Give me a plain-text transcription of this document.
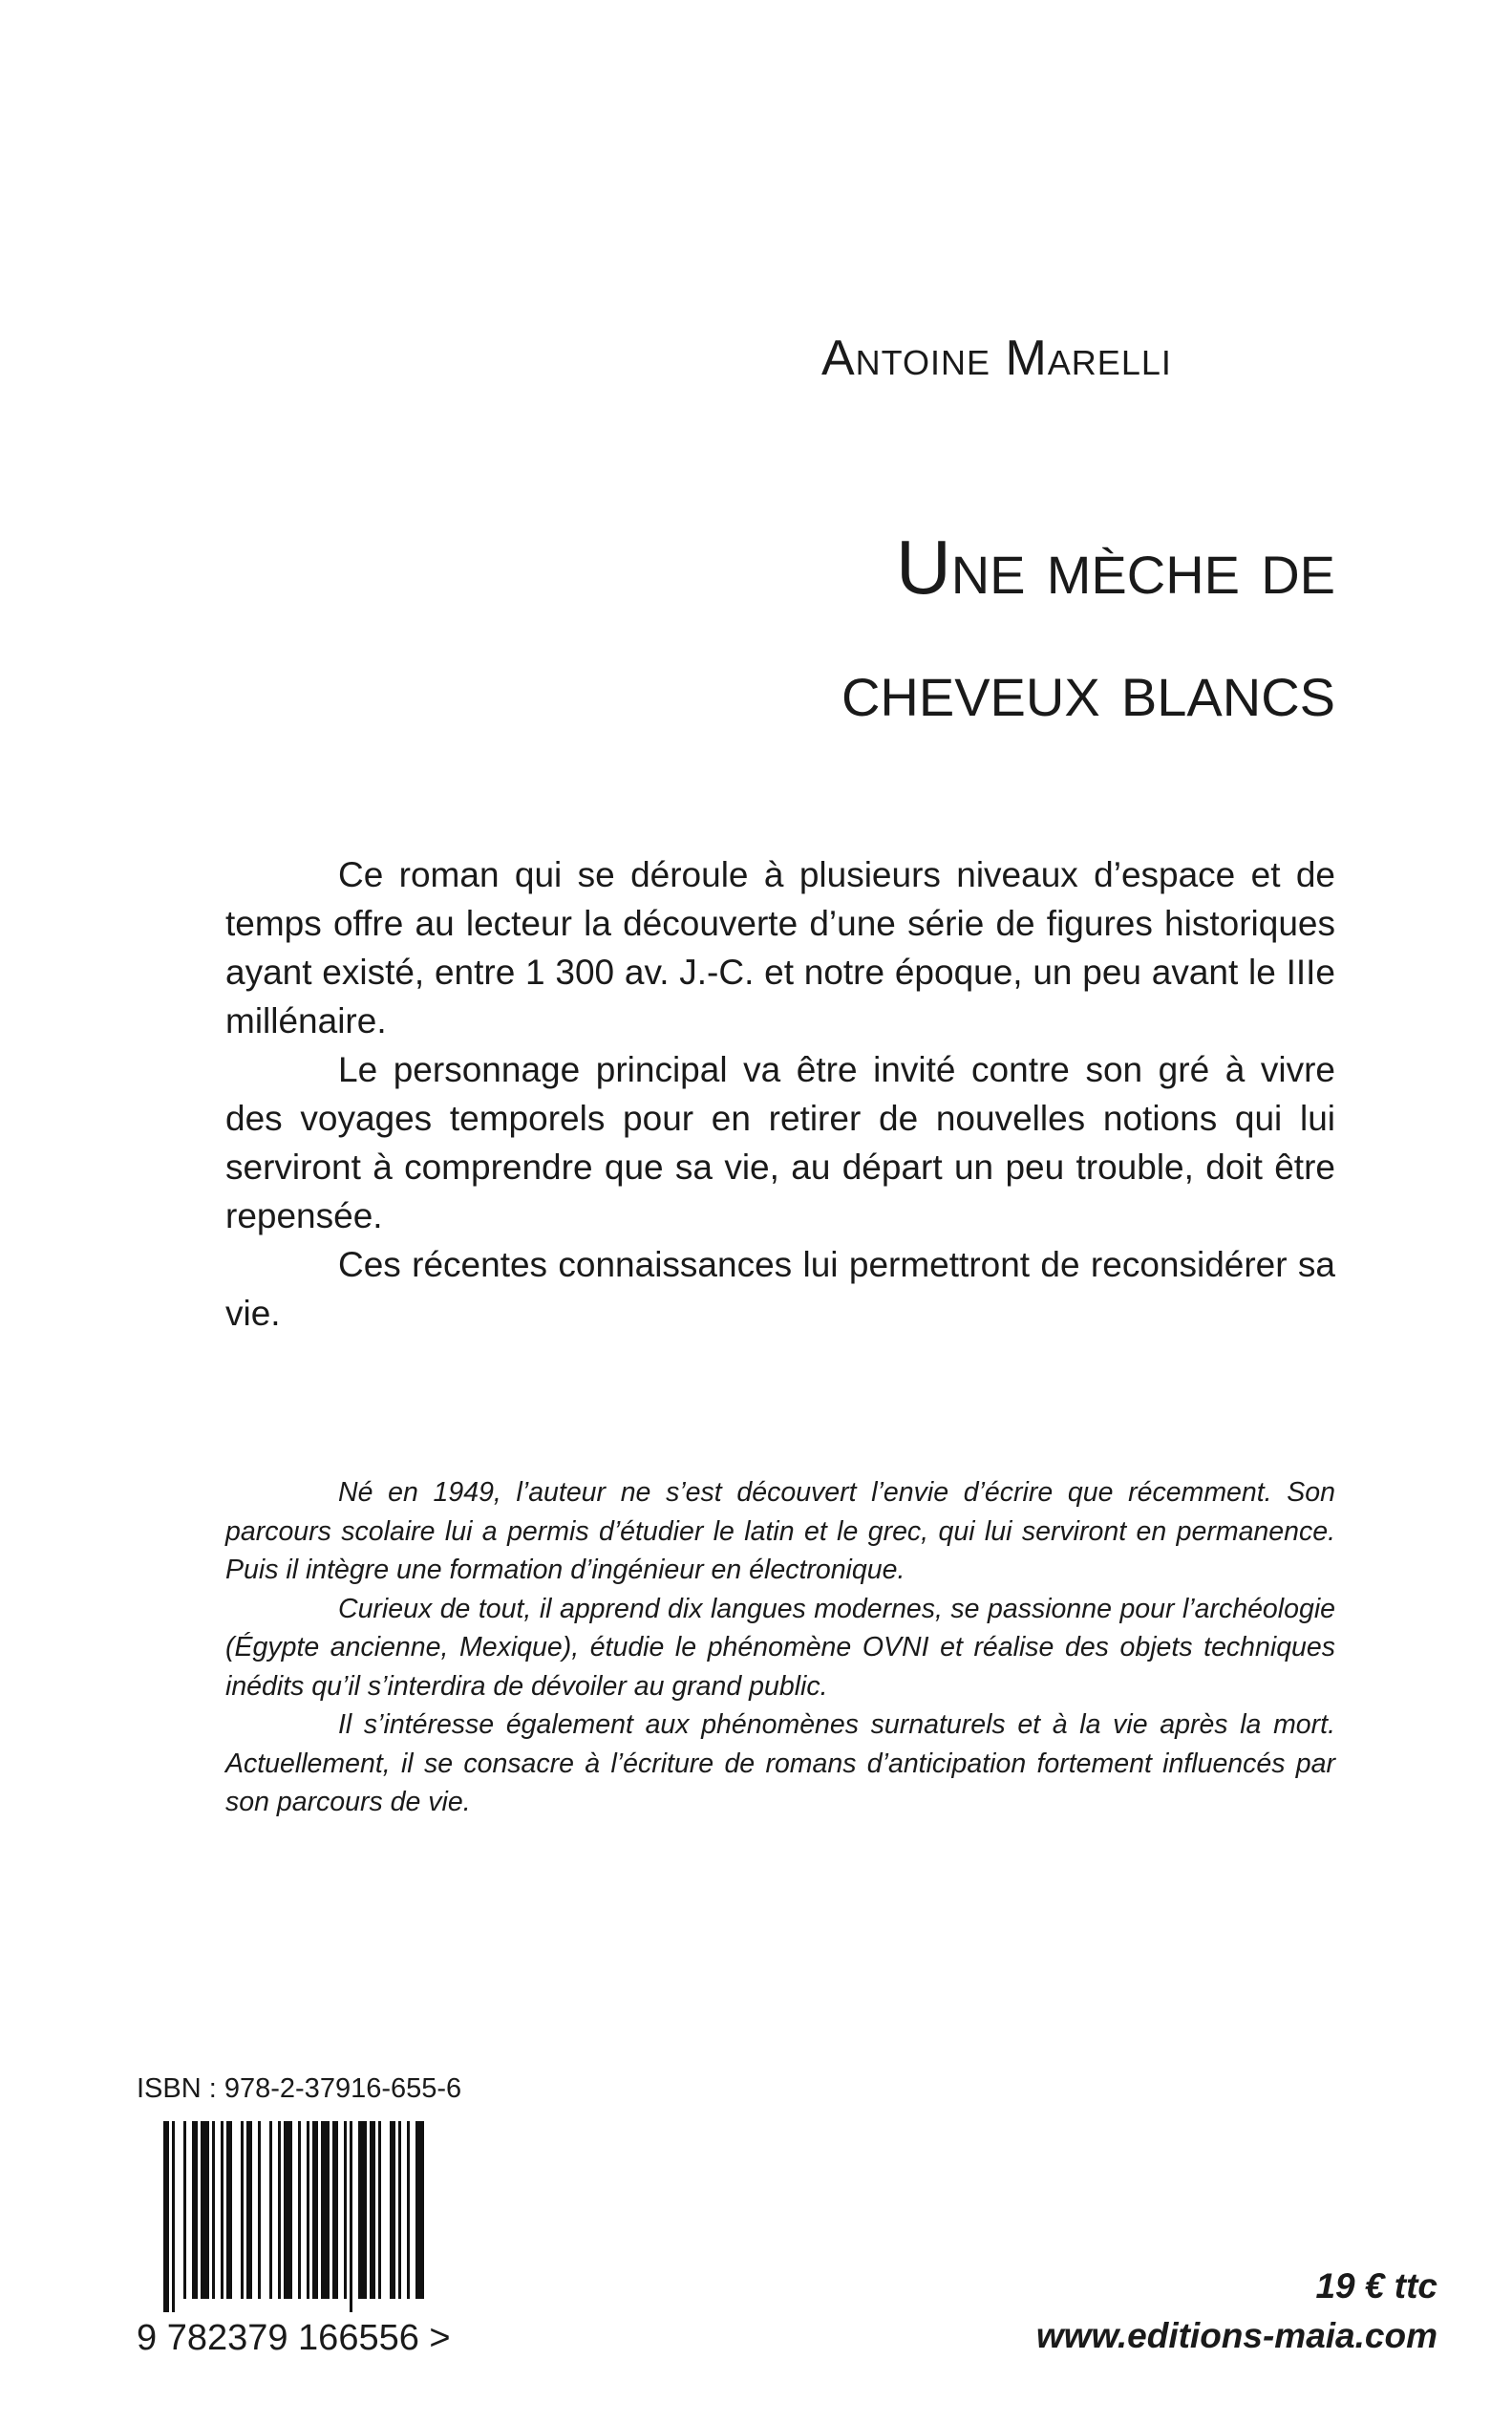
Antoine Marelli
Une mèche de
cheveux blancs

Ce roman qui se déroule à plusieurs niveaux d’espace et de temps offre au lecteur la découverte d’une série de figures historiques ayant existé, entre 1 300 av. J.-C. et notre époque, un peu avant le IIIe millénaire.

Le personnage principal va être invité contre son gré à vivre des voyages temporels pour en retirer de nouvelles notions qui lui serviront à comprendre que sa vie, au départ un peu trouble, doit être repensée.

Ces récentes connaissances lui permettront de reconsidérer sa vie.

Né en 1949, l’auteur ne s’est découvert l’envie d’écrire que récemment. Son parcours scolaire lui a permis d’étudier le latin et le grec, qui lui serviront en permanence. Puis il intègre une formation d’ingénieur en électronique.

Curieux de tout, il apprend dix langues modernes, se passionne pour l’archéologie (Égypte ancienne, Mexique), étudie le phénomène OVNI et réalise des objets techniques inédits qu’il s’interdira de dévoiler au grand public.

Il s’intéresse également aux phénomènes surnaturels et à la vie après la mort. Actuellement, il se consacre à l’écriture de romans d’anticipation fortement influencés par son parcours de vie.

ISBN : 978-2-37916-655-6
9 782379 166556 >
19 € ttc
www.editions-maia.com
